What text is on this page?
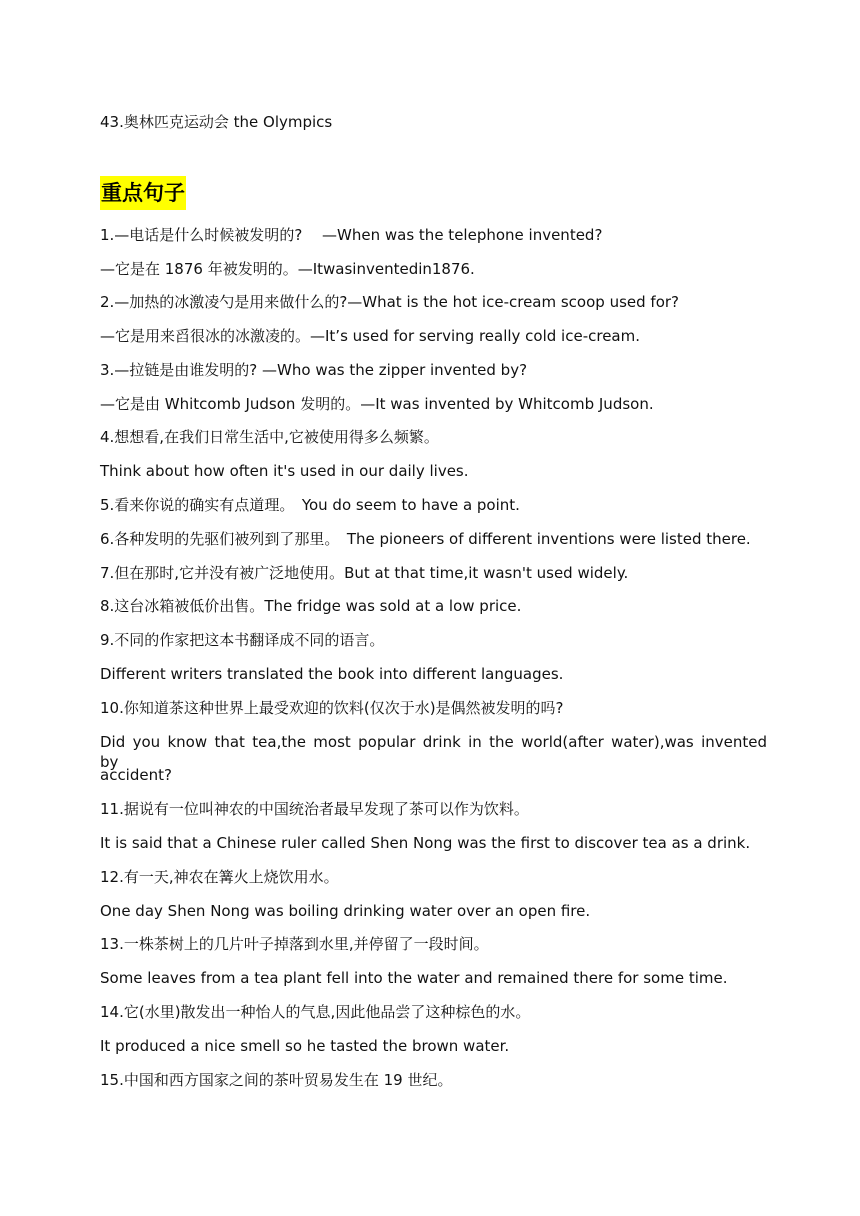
43.奥林匹克运动会 the Olympics
重点句子
1.—电话是什么时候被发明的?　 —When was the telephone invented?
—它是在 1876 年被发明的。—Itwasinventedin1876.
2.—加热的冰激凌勺是用来做什么的?—What is the hot ice-cream scoop used for?
—它是用来舀很冰的冰激凌的。—It’s used for serving really cold ice-cream.
3.—拉链是由谁发明的? —Who was the zipper invented by?
—它是由 Whitcomb Judson 发明的。—It was invented by Whitcomb Judson.
4.想想看,在我们日常生活中,它被使用得多么频繁。
Think about how often it's used in our daily lives.
5.看来你说的确实有点道理。　You do seem to have a point.
6.各种发明的先驱们被列到了那里。　The pioneers of different inventions were listed there.
7.但在那时,它并没有被广泛地使用。But at that time,it wasn't used widely.
8.这台冰箱被低价出售。The fridge was sold at a low price.
9.不同的作家把这本书翻译成不同的语言。
Different writers translated the book into different languages.
10.你知道茶这种世界上最受欢迎的饮料(仅次于水)是偶然被发明的吗?
Did you know that tea,the most popular drink in the world(after water),was invented by
accident?
11.据说有一位叫神农的中国统治者最早发现了茶可以作为饮料。
It is said that a Chinese ruler called Shen Nong was the first to discover tea as a drink.
12.有一天,神农在篝火上烧饮用水。
One day Shen Nong was boiling drinking water over an open fire.
13.一株茶树上的几片叶子掉落到水里,并停留了一段时间。
Some leaves from a tea plant fell into the water and remained there for some time.
14.它(水里)散发出一种怡人的气息,因此他品尝了这种棕色的水。
It produced a nice smell so he tasted the brown water.
15.中国和西方国家之间的茶叶贸易发生在 19 世纪。
